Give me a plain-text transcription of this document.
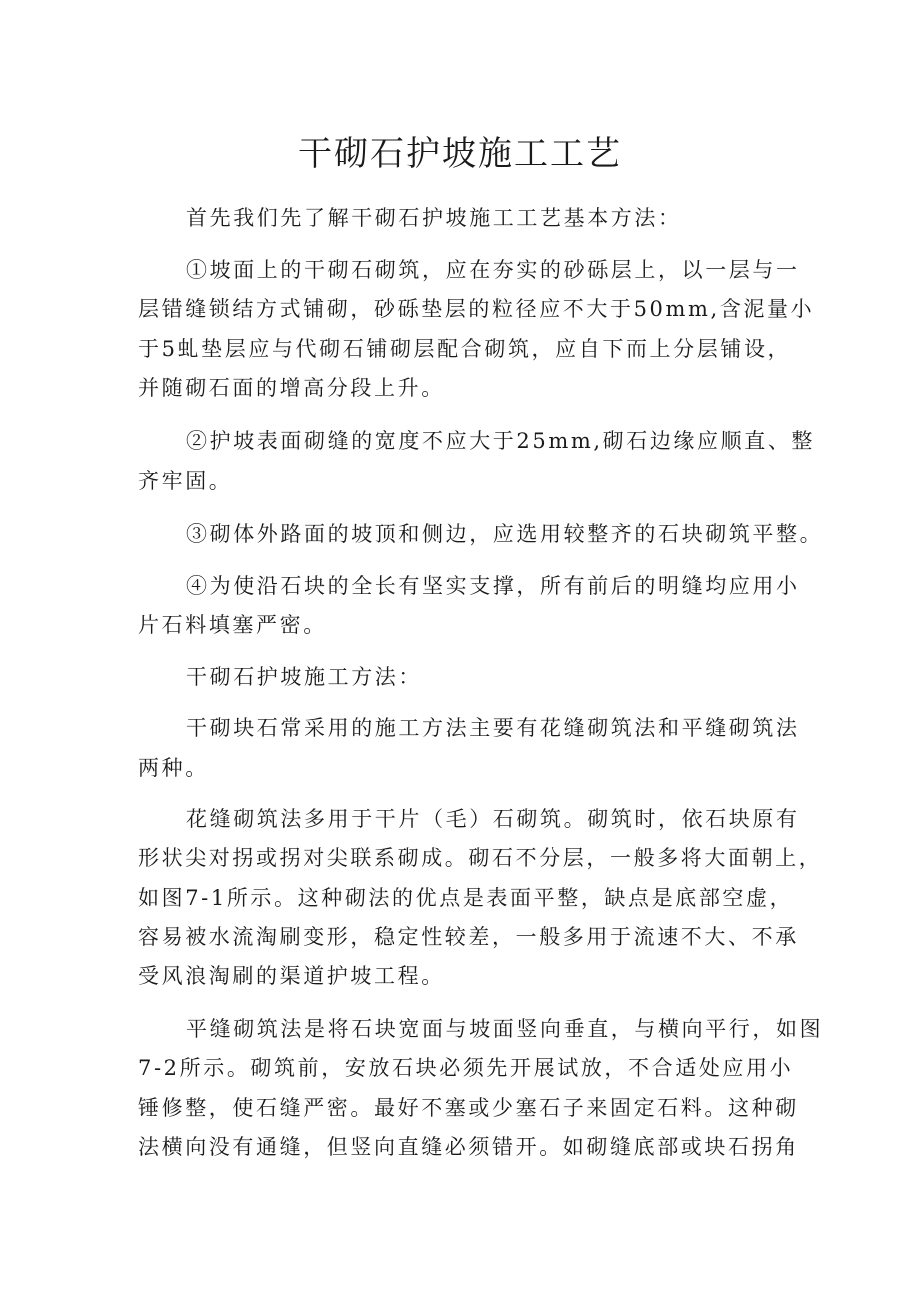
干砌石护坡施工工艺
首先我们先了解干砌石护坡施工工艺基本方法：
①坡面上的干砌石砌筑，应在夯实的砂砾层上，以一层与一
层错缝锁结方式铺砌，砂砾垫层的粒径应不大于50mm,含泥量小
于5虬垫层应与代砌石铺砌层配合砌筑，应自下而上分层铺设，
并随砌石面的增高分段上升。
②护坡表面砌缝的宽度不应大于25mm,砌石边缘应顺直、整
齐牢固。
③砌体外路面的坡顶和侧边，应选用较整齐的石块砌筑平整。
④为使沿石块的全长有坚实支撑，所有前后的明缝均应用小
片石料填塞严密。
干砌石护坡施工方法：
干砌块石常采用的施工方法主要有花缝砌筑法和平缝砌筑法
两种。
花缝砌筑法多用于干片（毛）石砌筑。砌筑时，依石块原有
形状尖对拐或拐对尖联系砌成。砌石不分层，一般多将大面朝上，
如图7-1所示。这种砌法的优点是表面平整，缺点是底部空虚，
容易被水流淘刷变形，稳定性较差，一般多用于流速不大、不承
受风浪淘刷的渠道护坡工程。
平缝砌筑法是将石块宽面与坡面竖向垂直，与横向平行，如图
7-2所示。砌筑前，安放石块必须先开展试放，不合适处应用小
锤修整，使石缝严密。最好不塞或少塞石子来固定石料。这种砌
法横向没有通缝，但竖向直缝必须错开。如砌缝底部或块石拐角
